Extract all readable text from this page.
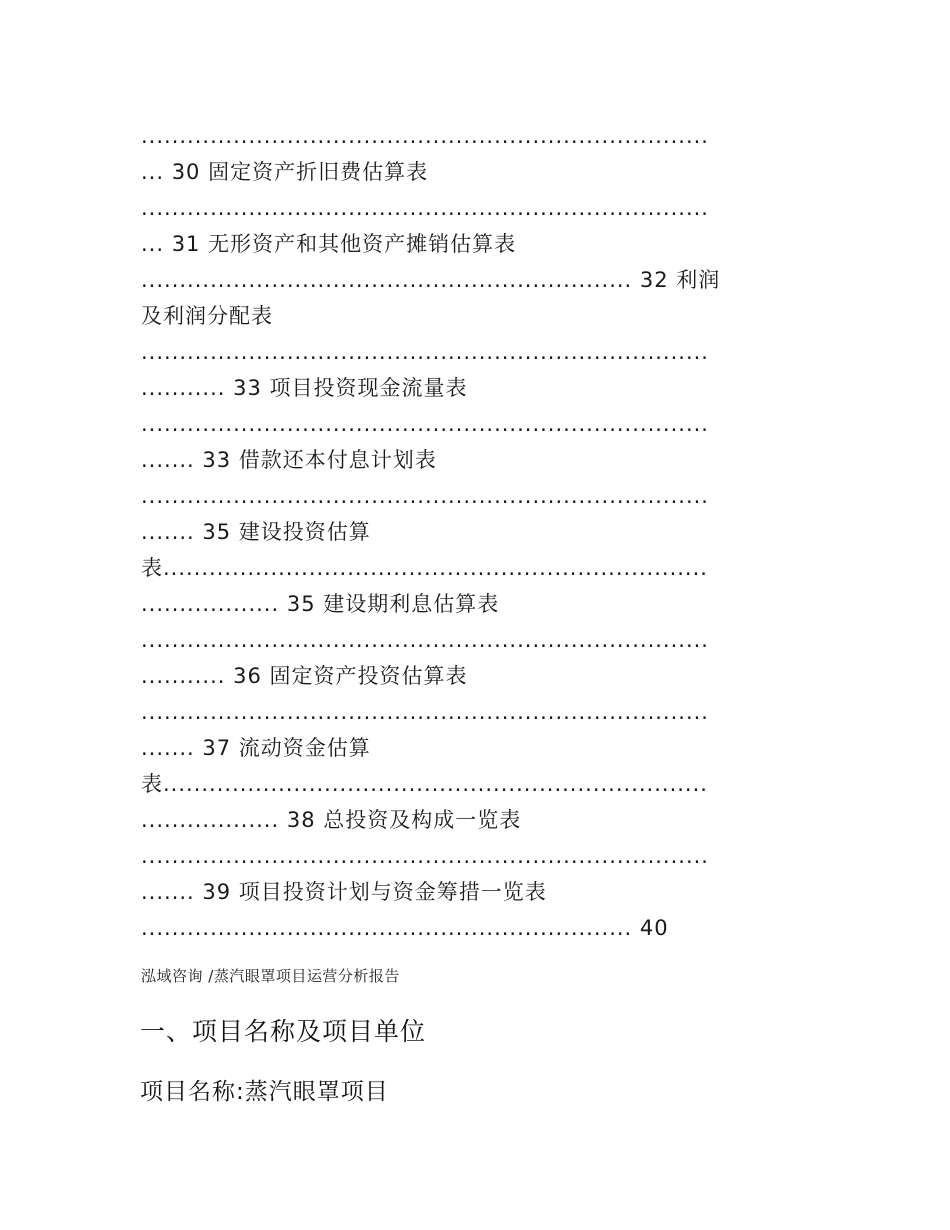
..........................................................................
... 30 固定资产折旧费估算表
..........................................................................
... 31 无形资产和其他资产摊销估算表
................................................................ 32 利润
及利润分配表
..........................................................................
........... 33 项目投资现金流量表
..........................................................................
....... 33 借款还本付息计划表
..........................................................................
....... 35 建设投资估算
表.......................................................................
.................. 35 建设期利息估算表
..........................................................................
........... 36 固定资产投资估算表
..........................................................................
....... 37 流动资金估算
表.......................................................................
.................. 38 总投资及构成一览表
..........................................................................
....... 39 项目投资计划与资金筹措一览表
................................................................ 40
泓域咨询 /蒸汽眼罩项目运营分析报告
一、项目名称及项目单位
项目名称:蒸汽眼罩项目
